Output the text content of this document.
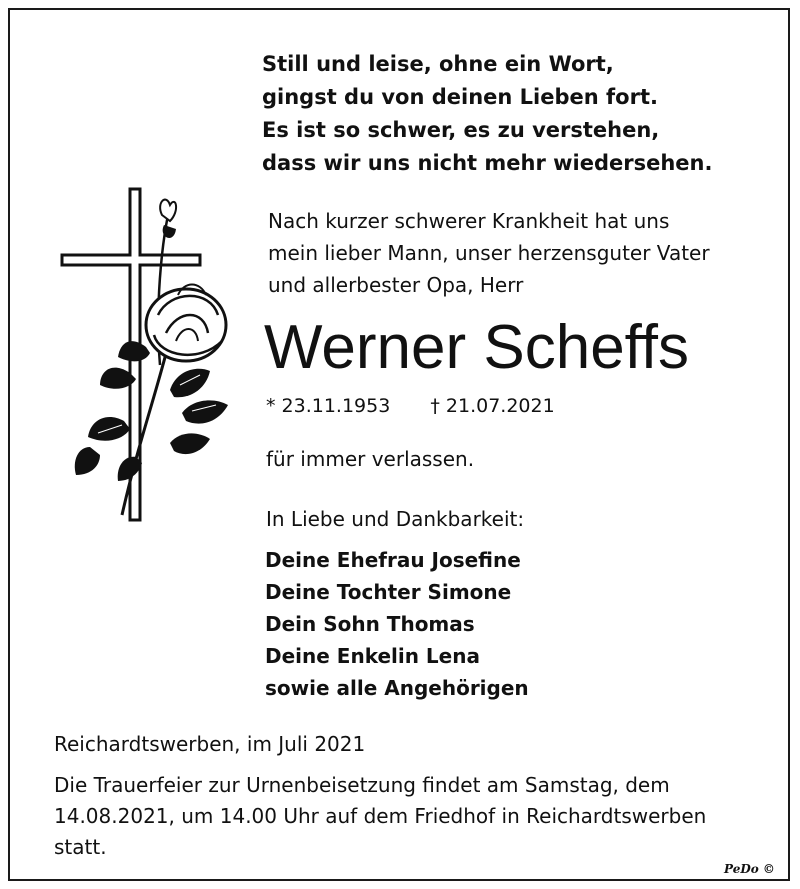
Still und leise, ohne ein Wort,
gingst du von deinen Lieben fort.
Es ist so schwer, es zu verstehen,
dass wir uns nicht mehr wiedersehen.
Nach kurzer schwerer Krankheit hat uns
mein lieber Mann, unser herzensguter Vater
und allerbester Opa, Herr
Werner Scheffs
* 23.11.1953 † 21.07.2021
für immer verlassen.
In Liebe und Dankbarkeit:
Deine Ehefrau Josefine
Deine Tochter Simone
Dein Sohn Thomas
Deine Enkelin Lena
sowie alle Angehörigen
Reichardtswerben, im Juli 2021
Die Trauerfeier zur Urnenbeisetzung findet am Samstag, dem
14.08.2021, um 14.00 Uhr auf dem Friedhof in Reichardtswerben
statt.
PeDo ©
